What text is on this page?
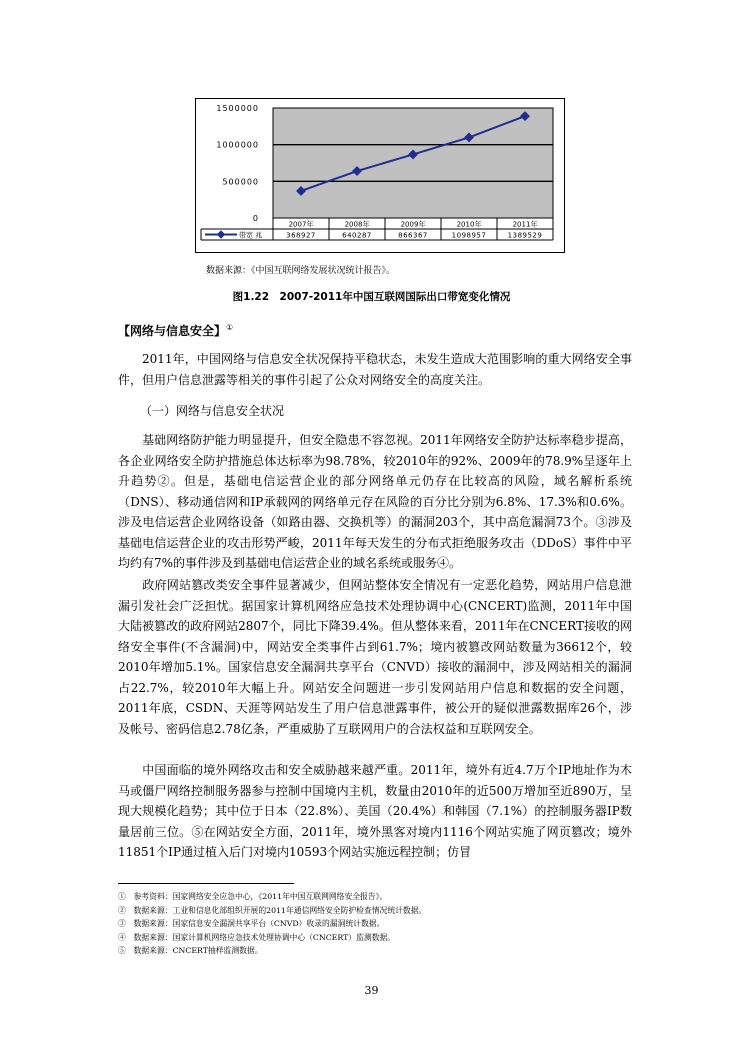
0
500000
1000000
1500000
2007年
368927
2008年
640287
2009年
866367
2010年
1098957
2011年
1389529
带宽 兆
数据来源：《中国互联网络发展状况统计报告》。
图1.22　2007-2011年中国互联网国际出口带宽变化情况
【网络与信息安全】①

2011年，中国网络与信息安全状况保持平稳状态，未发生造成大范围影响的重大网络安全事件，但用户信息泄露等相关的事件引起了公众对网络安全的高度关注。

（一）网络与信息安全状况

基础网络防护能力明显提升，但安全隐患不容忽视。2011年网络安全防护达标率稳步提高，各企业网络安全防护措施总体达标率为98.78%，较2010年的92%、2009年的78.9%呈逐年上升趋势②。但是，基础电信运营企业的部分网络单元仍存在比较高的风险，域名解析系统（DNS）、移动通信网和IP承载网的网络单元存在风险的百分比分别为6.8%、17.3%和0.6%。涉及电信运营企业网络设备（如路由器、交换机等）的漏洞203个，其中高危漏洞73个。③涉及基础电信运营企业的攻击形势严峻，2011年每天发生的分布式拒绝服务攻击（DDoS）事件中平均约有7%的事件涉及到基础电信运营企业的域名系统或服务④。

政府网站篡改类安全事件显著减少，但网站整体安全情况有一定恶化趋势，网站用户信息泄漏引发社会广泛担忧。据国家计算机网络应急技术处理协调中心(CNCERT)监测，2011年中国大陆被篡改的政府网站2807个，同比下降39.4%。但从整体来看，2011年在CNCERT接收的网络安全事件(不含漏洞)中，网站安全类事件占到61.7%；境内被篡改网站数量为36612个，较2010年增加5.1%。国家信息安全漏洞共享平台（CNVD）接收的漏洞中，涉及网站相关的漏洞占22.7%，较2010年大幅上升。网站安全问题进一步引发网站用户信息和数据的安全问题，2011年底，CSDN、天涯等网站发生了用户信息泄露事件，被公开的疑似泄露数据库26个，涉及帐号、密码信息2.78亿条，严重威胁了互联网用户的合法权益和互联网安全。

中国面临的境外网络攻击和安全威胁越来越严重。2011年，境外有近4.7万个IP地址作为木马或僵尸网络控制服务器参与控制中国境内主机，数量由2010年的近500万增加至近890万，呈现大规模化趋势；其中位于日本（22.8%）、美国（20.4%）和韩国（7.1%）的控制服务器IP数量居前三位。⑤在网站安全方面，2011年，境外黑客对境内1116个网站实施了网页篡改；境外11851个IP通过植入后门对境内10593个网站实施远程控制；仿冒

①　参考资料：国家网络安全应急中心，《2011年中国互联网网络安全报告》。
②　数据来源：工业和信息化部组织开展的2011年通信网络安全防护检查情况统计数据。
③　数据来源：国家信息安全漏洞共享平台（CNVD）收录的漏洞统计数据。
④　数据来源：国家计算机网络应急技术处理协调中心（CNCERT）监测数据。
⑤　数据来源：CNCERT抽样监测数据。
39
